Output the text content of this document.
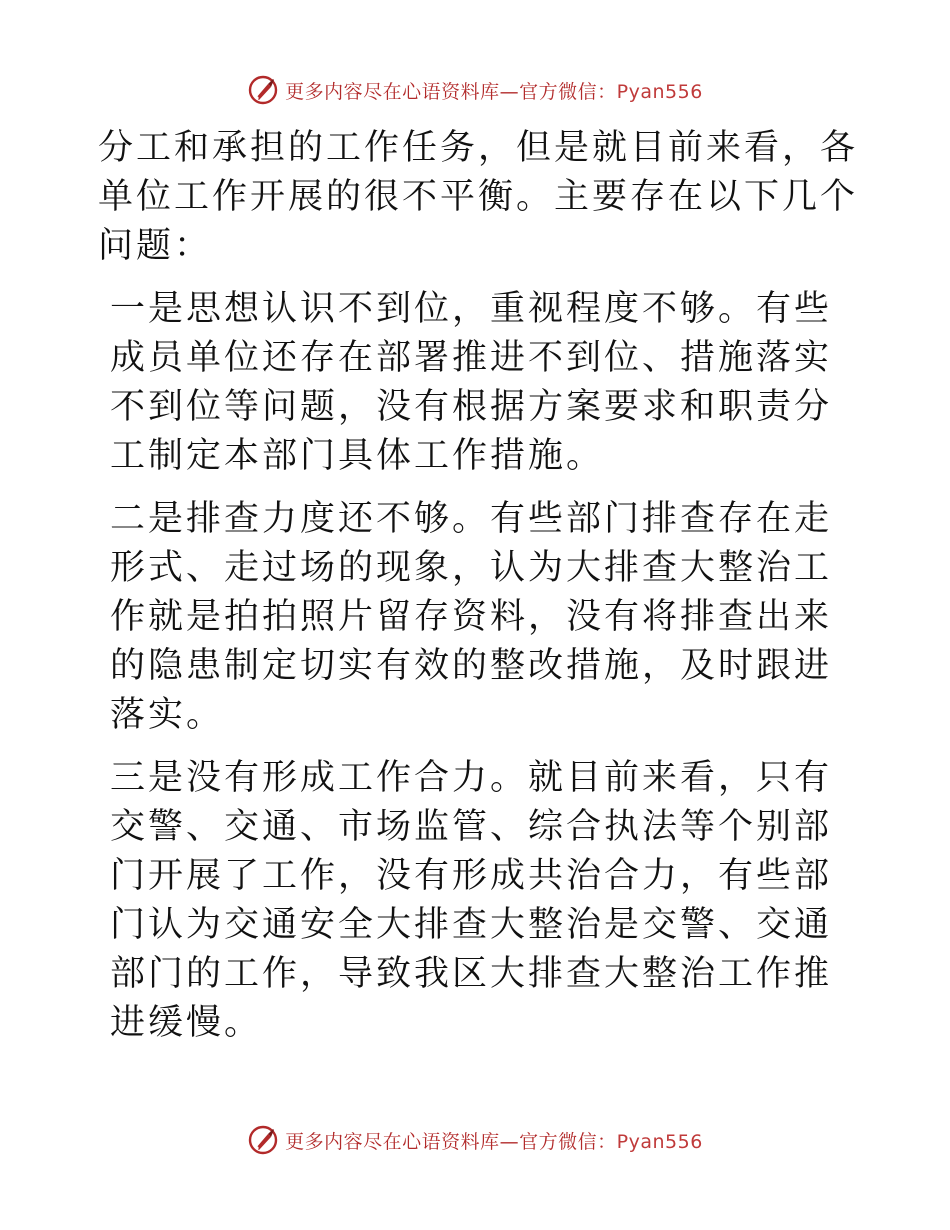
更多内容尽在心语资料库—官方微信：Pyan556

分工和承担的工作任务，但是就目前来看，各单位工作开展的很不平衡。主要存在以下几个问题：

一是思想认识不到位，重视程度不够。有些成员单位还存在部署推进不到位、措施落实不到位等问题，没有根据方案要求和职责分工制定本部门具体工作措施。

二是排查力度还不够。有些部门排查存在走形式、走过场的现象，认为大排查大整治工作就是拍拍照片留存资料，没有将排查出来的隐患制定切实有效的整改措施，及时跟进落实。

三是没有形成工作合力。就目前来看，只有交警、交通、市场监管、综合执法等个别部门开展了工作，没有形成共治合力，有些部门认为交通安全大排查大整治是交警、交通部门的工作，导致我区大排查大整治工作推进缓慢。

更多内容尽在心语资料库—官方微信：Pyan556
